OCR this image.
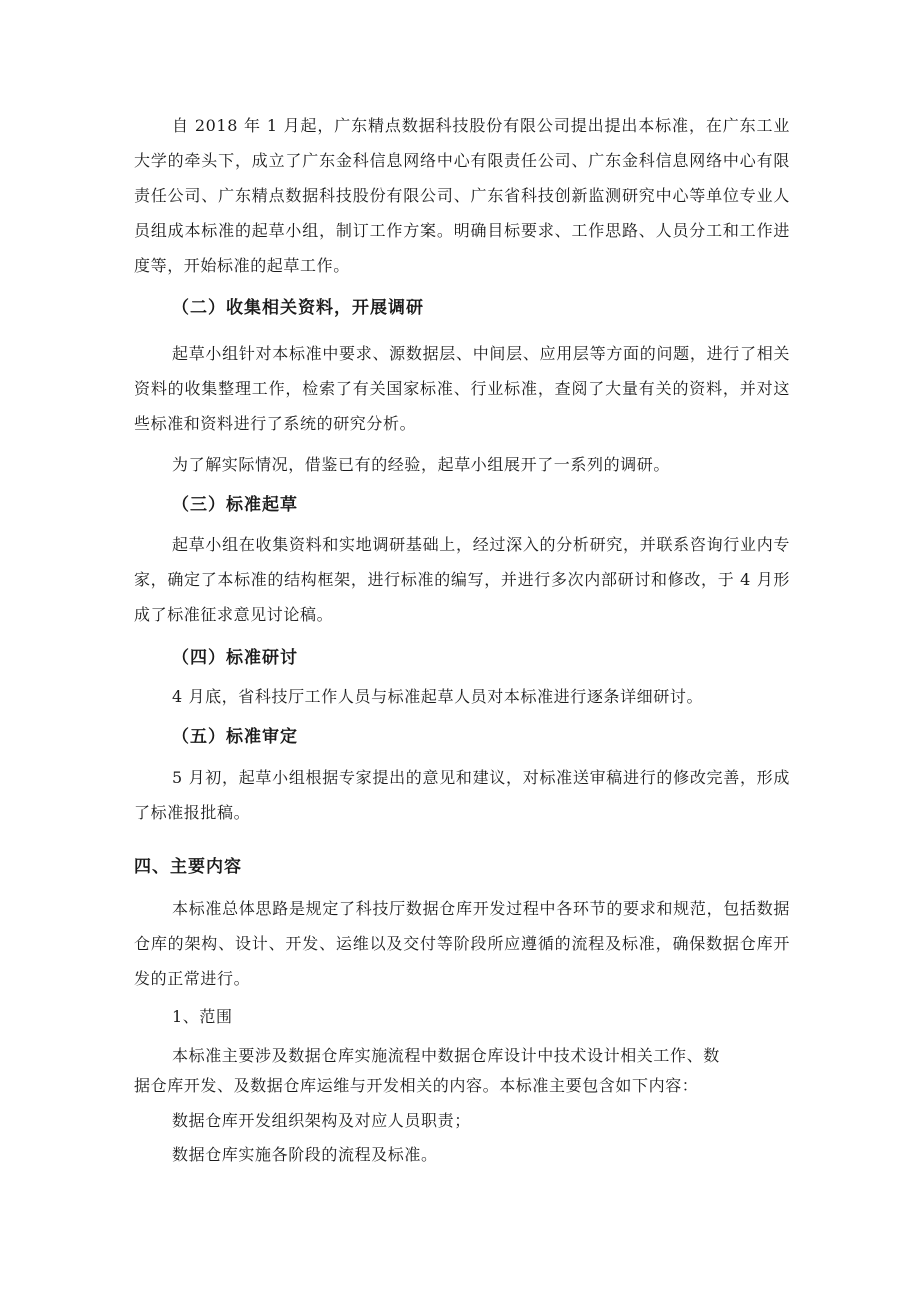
自 2018 年 1 月起，广东精点数据科技股份有限公司提出提出本标准，在广东工业大学的牵头下，成立了广东金科信息网络中心有限责任公司、广东金科信息网络中心有限责任公司、广东精点数据科技股份有限公司、广东省科技创新监测研究中心等单位专业人员组成本标准的起草小组，制订工作方案。明确目标要求、工作思路、人员分工和工作进度等，开始标准的起草工作。

（二）收集相关资料，开展调研

起草小组针对本标准中要求、源数据层、中间层、应用层等方面的问题，进行了相关资料的收集整理工作，检索了有关国家标准、行业标准，查阅了大量有关的资料，并对这些标准和资料进行了系统的研究分析。

为了解实际情况，借鉴已有的经验，起草小组展开了一系列的调研。

（三）标准起草

起草小组在收集资料和实地调研基础上，经过深入的分析研究，并联系咨询行业内专家，确定了本标准的结构框架，进行标准的编写，并进行多次内部研讨和修改，于 4 月形成了标准征求意见讨论稿。

（四）标准研讨

4 月底，省科技厅工作人员与标准起草人员对本标准进行逐条详细研讨。

（五）标准审定

5 月初，起草小组根据专家提出的意见和建议，对标准送审稿进行的修改完善，形成了标准报批稿。

四、主要内容

本标准总体思路是规定了科技厅数据仓库开发过程中各环节的要求和规范，包括数据仓库的架构、设计、开发、运维以及交付等阶段所应遵循的流程及标准，确保数据仓库开发的正常进行。

1、范围

本标准主要涉及数据仓库实施流程中数据仓库设计中技术设计相关工作、数

据仓库开发、及数据仓库运维与开发相关的内容。本标准主要包含如下内容：

数据仓库开发组织架构及对应人员职责；

数据仓库实施各阶段的流程及标准。
